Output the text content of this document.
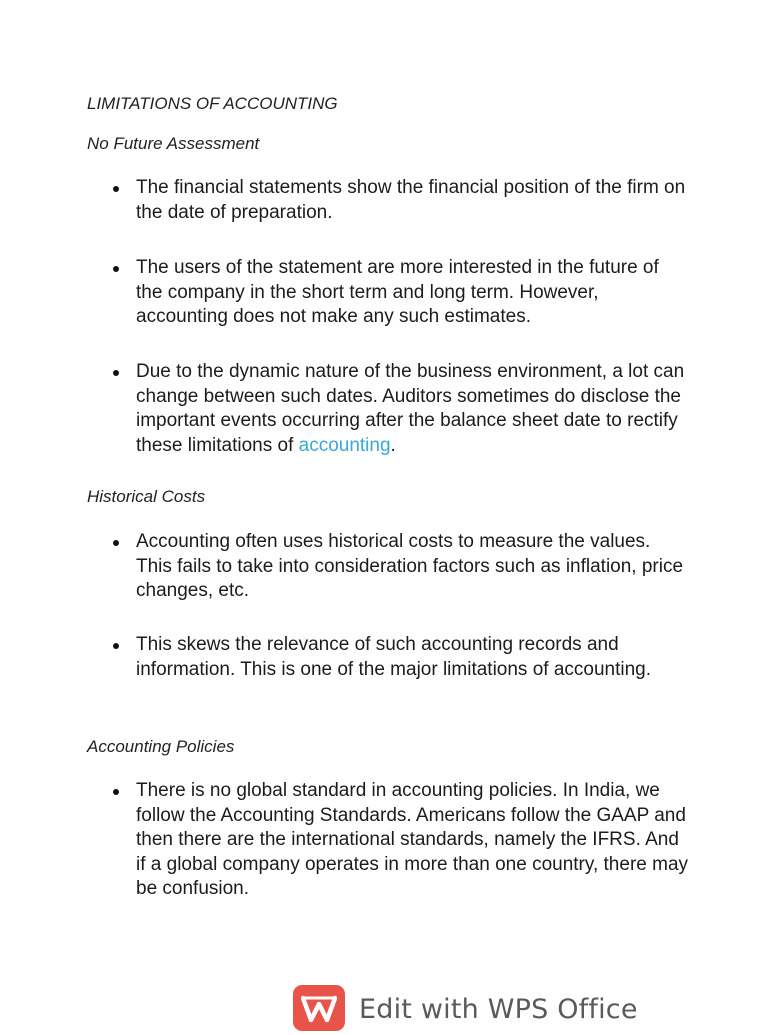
LIMITATIONS OF ACCOUNTING

No Future Assessment

The financial statements show the financial position of the firm on the date of preparation.
The users of the statement are more interested in the future of the company in the short term and long term. However, accounting does not make any such estimates.
Due to the dynamic nature of the business environment, a lot can change between such dates. Auditors sometimes do disclose the important events occurring after the balance sheet date to rectify these limitations of accounting.

Historical Costs

Accounting often uses historical costs to measure the values. This fails to take into consideration factors such as inflation, price changes, etc.
This skews the relevance of such accounting records and information. This is one of the major limitations of accounting.

Accounting Policies

There is no global standard in accounting policies. In India, we follow the Accounting Standards. Americans follow the GAAP and then there are the international standards, namely the IFRS. And if a global company operates in more than one country, there may be confusion.
Edit with WPS Office
